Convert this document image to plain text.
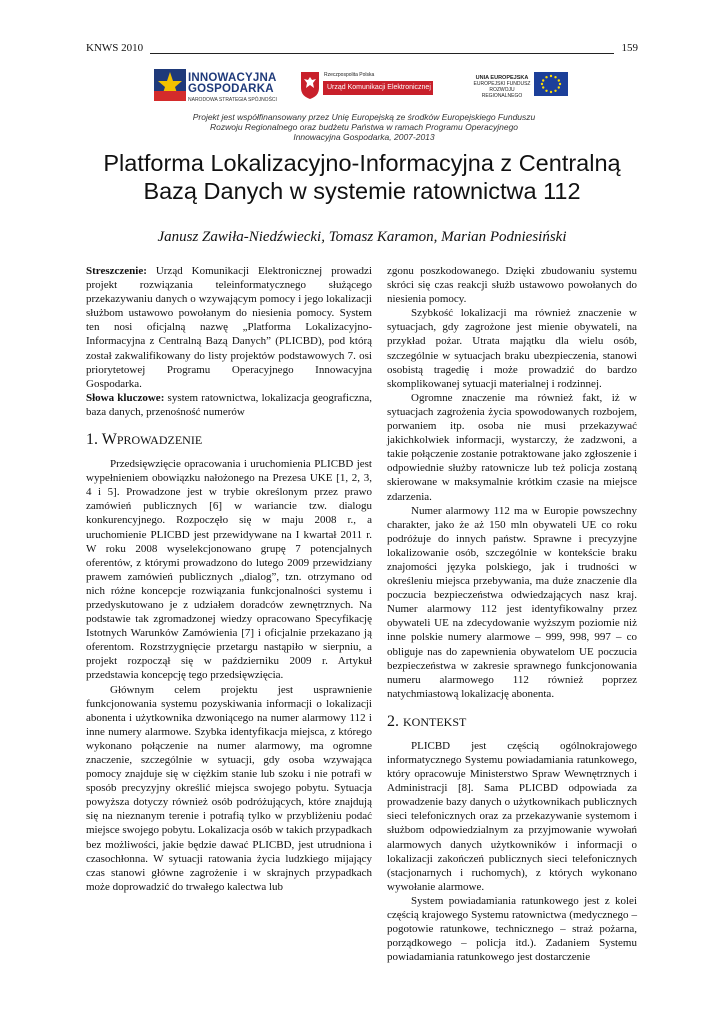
KNWS 2010	159
INNOWACYJNA
GOSPODARKA
NARODOWA STRATEGIA SPÓJNOŚCI
Rzeczpospolita Polska
Urząd Komunikacji Elektronicznej
UNIA EUROPEJSKA
EUROPEJSKI FUNDUSZ
ROZWOJU REGIONALNEGO
Projekt jest współfinansowany przez Unię Europejską ze środków Europejskiego Funduszu
Rozwoju Regionalnego oraz budżetu Państwa w ramach Programu Operacyjnego
Innowacyjna Gospodarka, 2007-2013
Platforma Lokalizacyjno-Informacyjna z Centralną
Bazą Danych w systemie ratownictwa 112
Janusz Zawiła-Niedźwiecki, Tomasz Karamon, Marian Podniesiński

Streszczenie: Urząd Komunikacji Elektronicznej prowadzi projekt rozwiązania teleinformatycznego służącego przekazywaniu danych o wzywającym pomocy i jego lokalizacji służbom ustawowo powołanym do niesienia pomocy. System ten nosi oficjalną nazwę „Platforma Lokalizacyjno-Informacyjna z Centralną Bazą Danych” (PLICBD), pod którą został zakwalifikowany do listy projektów podstawowych 7. osi priorytetowej Programu Operacyjnego Innowacyjna Gospodarka.

Słowa kluczowe: system ratownictwa, lokalizacja geograficzna, baza danych, przenośność numerów

1. WPROWADZENIE

Przedsięwzięcie opracowania i uruchomienia PLICBD jest wypełnieniem obowiązku nałożonego na Prezesa UKE [1, 2, 3, 4 i 5]. Prowadzone jest w trybie określonym przez prawo zamówień publicznych [6] w wariancie tzw. dialogu konkurencyjnego. Rozpoczęło się w maju 2008 r., a uruchomienie PLICBD jest przewidywane na I kwartał 2011 r. W roku 2008 wyselekcjonowano grupę 7 potencjalnych oferentów, z którymi prowadzono do lutego 2009 przewidziany prawem zamówień publicznych „dialog”, tzn. otrzymano od nich różne koncepcje rozwiązania funkcjonalności systemu i przedyskutowano je z udziałem doradców zewnętrznych. Na podstawie tak zgromadzonej wiedzy opracowano Specyfikację Istotnych Warunków Zamówienia [7] i oficjalnie przekazano ją oferentom. Rozstrzygnięcie przetargu nastąpiło w sierpniu, a projekt rozpoczął się w październiku 2009 r. Artykuł przedstawia koncepcję tego przedsięwzięcia.

Głównym celem projektu jest usprawnienie funkcjonowania systemu pozyskiwania informacji o lokalizacji abonenta i użytkownika dzwoniącego na numer alarmowy 112 i inne numery alarmowe. Szybka identyfikacja miejsca, z którego wykonano połączenie na numer alarmowy, ma ogromne znaczenie, szczególnie w sytuacji, gdy osoba wzywająca pomocy znajduje się w ciężkim stanie lub szoku i nie potrafi w sposób precyzyjny określić miejsca swojego pobytu. Sytuacja powyższa dotyczy również osób podróżujących, które znajdują się na nieznanym terenie i potrafią tylko w przybliżeniu podać miejsce swojego pobytu. Lokalizacja osób w takich przypadkach bez możliwości, jakie będzie dawać PLICBD, jest utrudniona i czasochłonna. W sytuacji ratowania życia ludzkiego mijający czas stanowi główne zagrożenie i w skrajnych przypadkach może doprowadzić do trwałego kalectwa lub

zgonu poszkodowanego. Dzięki zbudowaniu systemu skróci się czas reakcji służb ustawowo powołanych do niesienia pomocy.

Szybkość lokalizacji ma również znaczenie w sytuacjach, gdy zagrożone jest mienie obywateli, na przykład pożar. Utrata majątku dla wielu osób, szczególnie w sytuacjach braku ubezpieczenia, stanowi osobistą tragedię i może prowadzić do bardzo skomplikowanej sytuacji materialnej i rodzinnej.

Ogromne znaczenie ma również fakt, iż w sytuacjach zagrożenia życia spowodowanych rozbojem, porwaniem itp. osoba nie musi przekazywać jakichkolwiek informacji, wystarczy, że zadzwoni, a takie połączenie zostanie potraktowane jako zgłoszenie i odpowiednie służby ratownicze lub też policja zostaną skierowane w maksymalnie krótkim czasie na miejsce zdarzenia.

Numer alarmowy 112 ma w Europie powszechny charakter, jako że aż 150 mln obywateli UE co roku podróżuje do innych państw. Sprawne i precyzyjne lokalizowanie osób, szczególnie w kontekście braku znajomości języka polskiego, jak i trudności w określeniu miejsca przebywania, ma duże znaczenie dla poczucia bezpieczeństwa odwiedzających nasz kraj. Numer alarmowy 112 jest identyfikowalny przez obywateli UE na zdecydowanie wyższym poziomie niż inne polskie numery alarmowe – 999, 998, 997 – co obliguje nas do zapewnienia obywatelom UE poczucia bezpieczeństwa w zakresie sprawnego funkcjonowania numeru alarmowego 112 również poprzez natychmiastową lokalizację abonenta.

2. KONTEKST

PLICBD jest częścią ogólnokrajowego informatycznego Systemu powiadamiania ratunkowego, który opracowuje Ministerstwo Spraw Wewnętrznych i Administracji [8]. Sama PLICBD odpowiada za prowadzenie bazy danych o użytkownikach publicznych sieci telefonicznych oraz za przekazywanie systemom i służbom odpowiedzialnym za przyjmowanie wywołań alarmowych danych użytkowników i informacji o lokalizacji zakończeń publicznych sieci telefonicznych (stacjonarnych i ruchomych), z których wykonano wywołanie alarmowe.

System powiadamiania ratunkowego jest z kolei częścią krajowego Systemu ratownictwa (medycznego – pogotowie ratunkowe, technicznego – straż pożarna, porządkowego – policja itd.). Zadaniem Systemu powiadamiania ratunkowego jest dostarczenie
